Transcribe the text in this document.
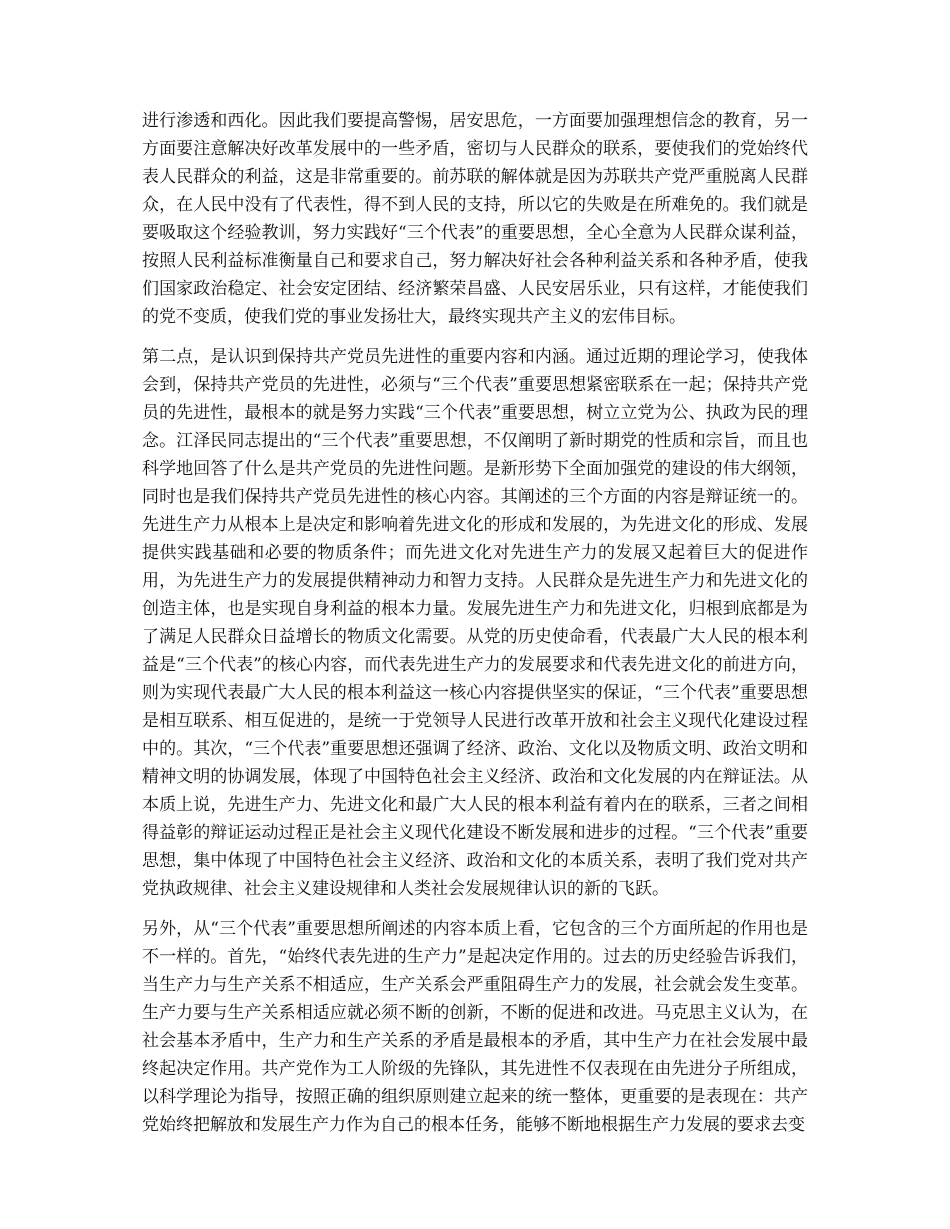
进行渗透和西化。因此我们要提高警惕，居安思危，一方面要加强理想信念的教育，另一方面要注意解决好改革发展中的一些矛盾，密切与人民群众的联系，要使我们的党始终代表人民群众的利益，这是非常重要的。前苏联的解体就是因为苏联共产党严重脱离人民群众，在人民中没有了代表性，得不到人民的支持，所以它的失败是在所难免的。我们就是要吸取这个经验教训，努力实践好“三个代表”的重要思想，全心全意为人民群众谋利益，按照人民利益标准衡量自己和要求自己，努力解决好社会各种利益关系和各种矛盾，使我们国家政治稳定、社会安定团结、经济繁荣昌盛、人民安居乐业，只有这样，才能使我们的党不变质，使我们党的事业发扬壮大，最终实现共产主义的宏伟目标。

第二点，是认识到保持共产党员先进性的重要内容和内涵。通过近期的理论学习，使我体会到，保持共产党员的先进性，必须与“三个代表”重要思想紧密联系在一起；保持共产党员的先进性，最根本的就是努力实践“三个代表”重要思想，树立立党为公、执政为民的理念。江泽民同志提出的“三个代表”重要思想，不仅阐明了新时期党的性质和宗旨，而且也科学地回答了什么是共产党员的先进性问题。是新形势下全面加强党的建设的伟大纲领，同时也是我们保持共产党员先进性的核心内容。其阐述的三个方面的内容是辩证统一的。先进生产力从根本上是决定和影响着先进文化的形成和发展的，为先进文化的形成、发展提供实践基础和必要的物质条件；而先进文化对先进生产力的发展又起着巨大的促进作用，为先进生产力的发展提供精神动力和智力支持。人民群众是先进生产力和先进文化的创造主体，也是实现自身利益的根本力量。发展先进生产力和先进文化，归根到底都是为了满足人民群众日益增长的物质文化需要。从党的历史使命看，代表最广大人民的根本利益是“三个代表”的核心内容，而代表先进生产力的发展要求和代表先进文化的前进方向，则为实现代表最广大人民的根本利益这一核心内容提供坚实的保证，“三个代表”重要思想是相互联系、相互促进的，是统一于党领导人民进行改革开放和社会主义现代化建设过程中的。其次，“三个代表”重要思想还强调了经济、政治、文化以及物质文明、政治文明和精神文明的协调发展，体现了中国特色社会主义经济、政治和文化发展的内在辩证法。从本质上说，先进生产力、先进文化和最广大人民的根本利益有着内在的联系，三者之间相得益彰的辩证运动过程正是社会主义现代化建设不断发展和进步的过程。“三个代表”重要思想，集中体现了中国特色社会主义经济、政治和文化的本质关系，表明了我们党对共产党执政规律、社会主义建设规律和人类社会发展规律认识的新的飞跃。

另外，从“三个代表”重要思想所阐述的内容本质上看，它包含的三个方面所起的作用也是不一样的。首先，“始终代表先进的生产力”是起决定作用的。过去的历史经验告诉我们，当生产力与生产关系不相适应，生产关系会严重阻碍生产力的发展，社会就会发生变革。生产力要与生产关系相适应就必须不断的创新，不断的促进和改进。马克思主义认为，在社会基本矛盾中，生产力和生产关系的矛盾是最根本的矛盾，其中生产力在社会发展中最终起决定作用。共产党作为工人阶级的先锋队，其先进性不仅表现在由先进分子所组成，以科学理论为指导，按照正确的组织原则建立起来的统一整体，更重要的是表现在：共产党始终把解放和发展生产力作为自己的根本任务，能够不断地根据生产力发展的要求去变
